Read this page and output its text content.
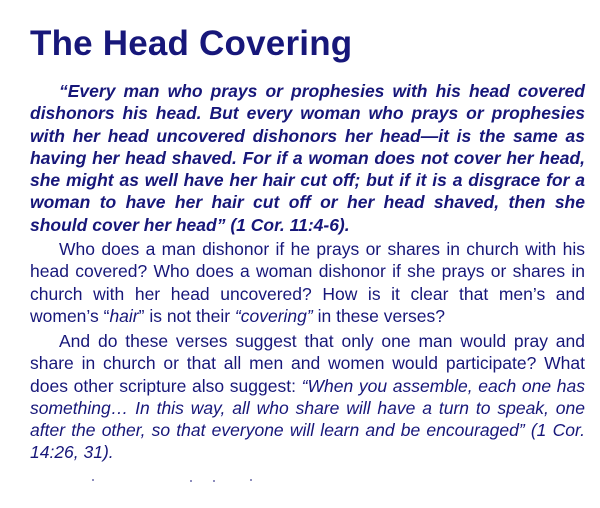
The Head Covering

“Every man who prays or prophesies with his head covered dishonors his head. But every woman who prays or prophesies with her head uncovered dishonors her head—it is the same as having her head shaved. For if a woman does not cover her head, she might as well have her hair cut off; but if it is a disgrace for a woman to have her hair cut off or her head shaved, then she should cover her head” (1 Cor. 11:4-6).

Who does a man dishonor if he prays or shares in church with his head covered? Who does a woman dishonor if she prays or shares in church with her head uncovered? How is it clear that men’s and women’s “hair” is not their “covering” in these verses?

And do these verses suggest that only one man would pray and share in church or that all men and women would participate? What does other scripture also suggest: “When you assemble, each one has something… In this way, all who share will have a turn to speak, one after the other, so that everyone will learn and be encouraged” (1 Cor. 14:26, 31).
